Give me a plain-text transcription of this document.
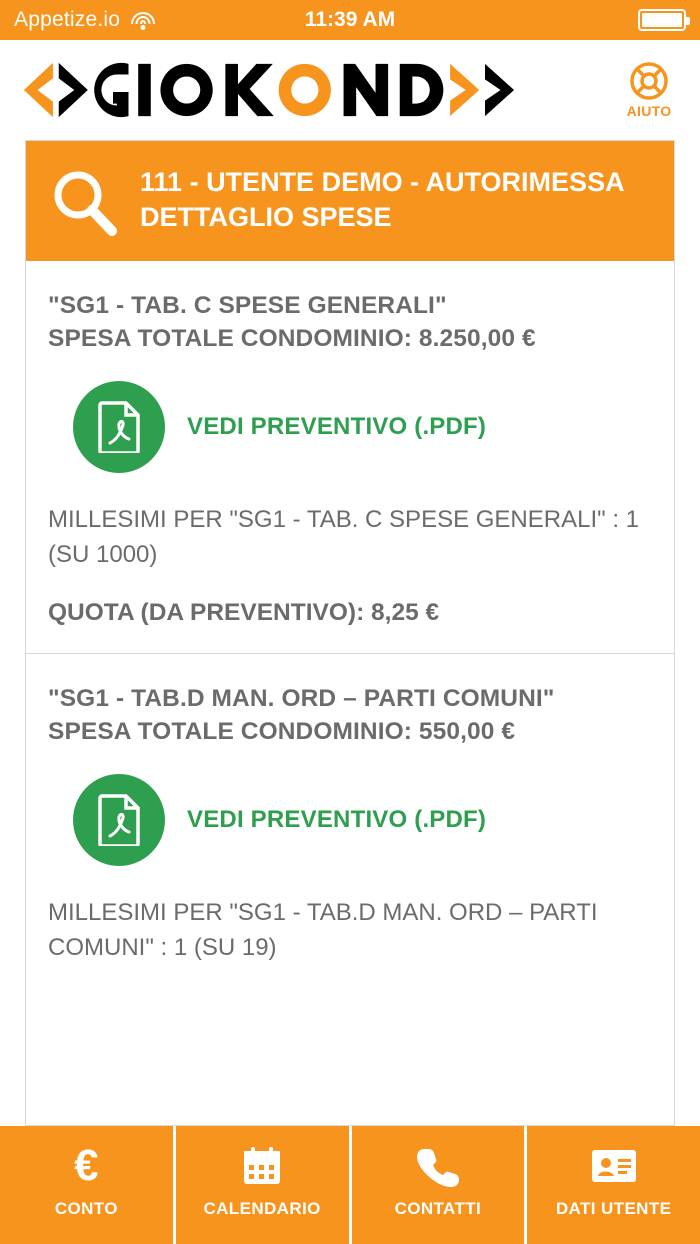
Appetize.io	11:39 AM
AIUTO
111 - UTENTE DEMO - AUTORIMESSA DETTAGLIO SPESE
"SG1 - TAB. C SPESE GENERALI"
SPESA TOTALE CONDOMINIO: 8.250,00 €
VEDI PREVENTIVO (.PDF)
MILLESIMI PER "SG1 - TAB. C SPESE GENERALI" : 1 (SU 1000)
QUOTA (DA PREVENTIVO): 8,25 €
"SG1 - TAB.D MAN. ORD – PARTI COMUNI"
SPESA TOTALE CONDOMINIO: 550,00 €
VEDI PREVENTIVO (.PDF)
MILLESIMI PER "SG1 - TAB.D MAN. ORD – PARTI COMUNI" : 1 (SU 19)
€
CONTO	CALENDARIO	CONTATTI	DATI UTENTE
